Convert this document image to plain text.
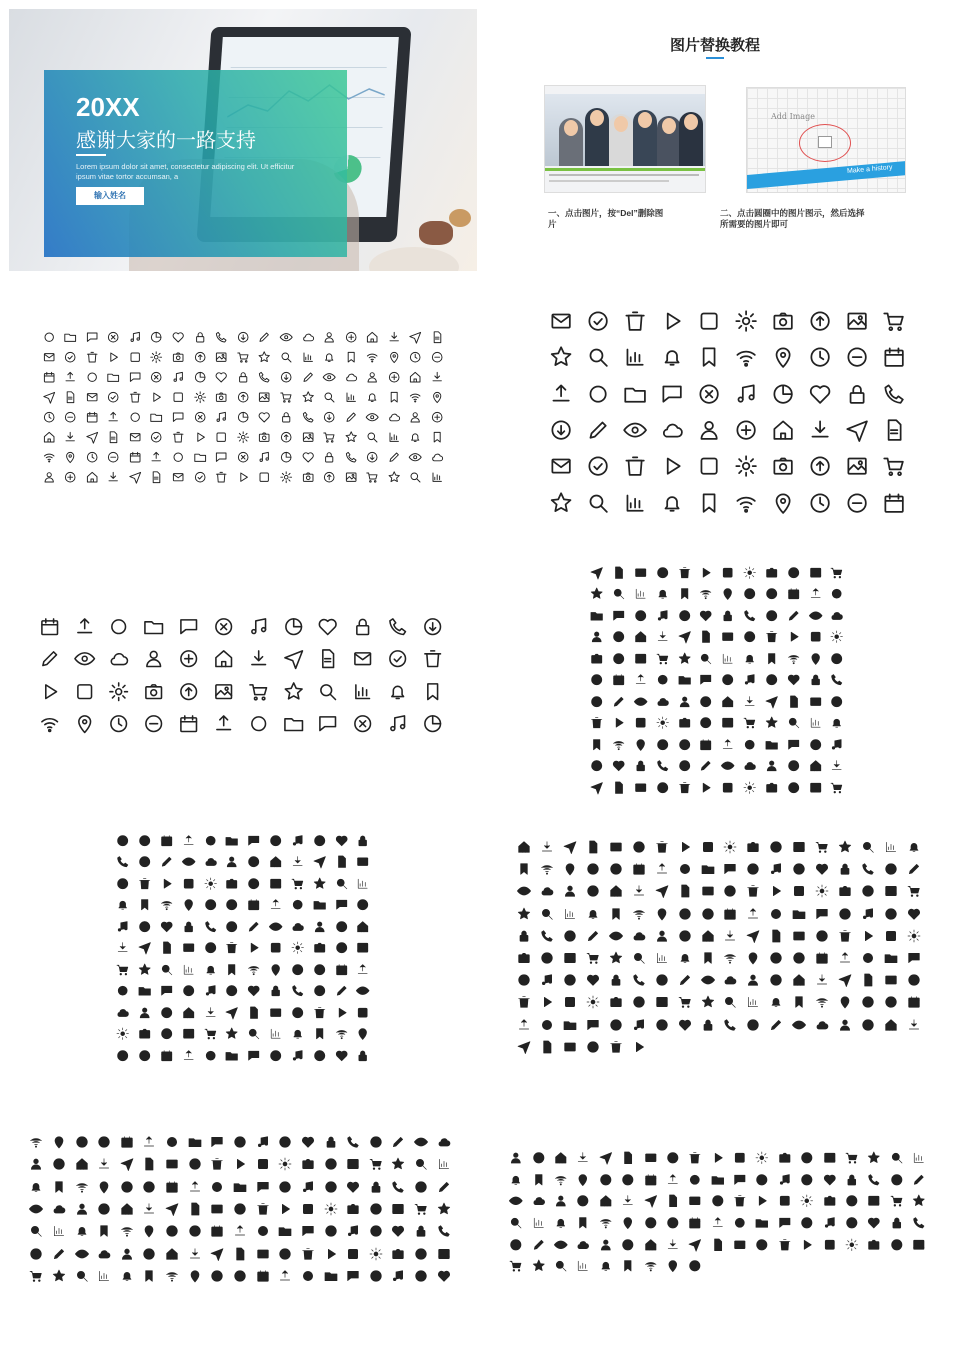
20XX
感谢大家的一路支持
Lorem ipsum dolor sit amet, consectetur adipiscing elit. Ut efficitur ipsum vitae tortor accumsan, a
输入姓名
图片替换教程
Add Image
Make a history
一、点击图片，按“Del”删除图片
二、点击圆圈中的图片图示，然后选择所需要的图片即可
